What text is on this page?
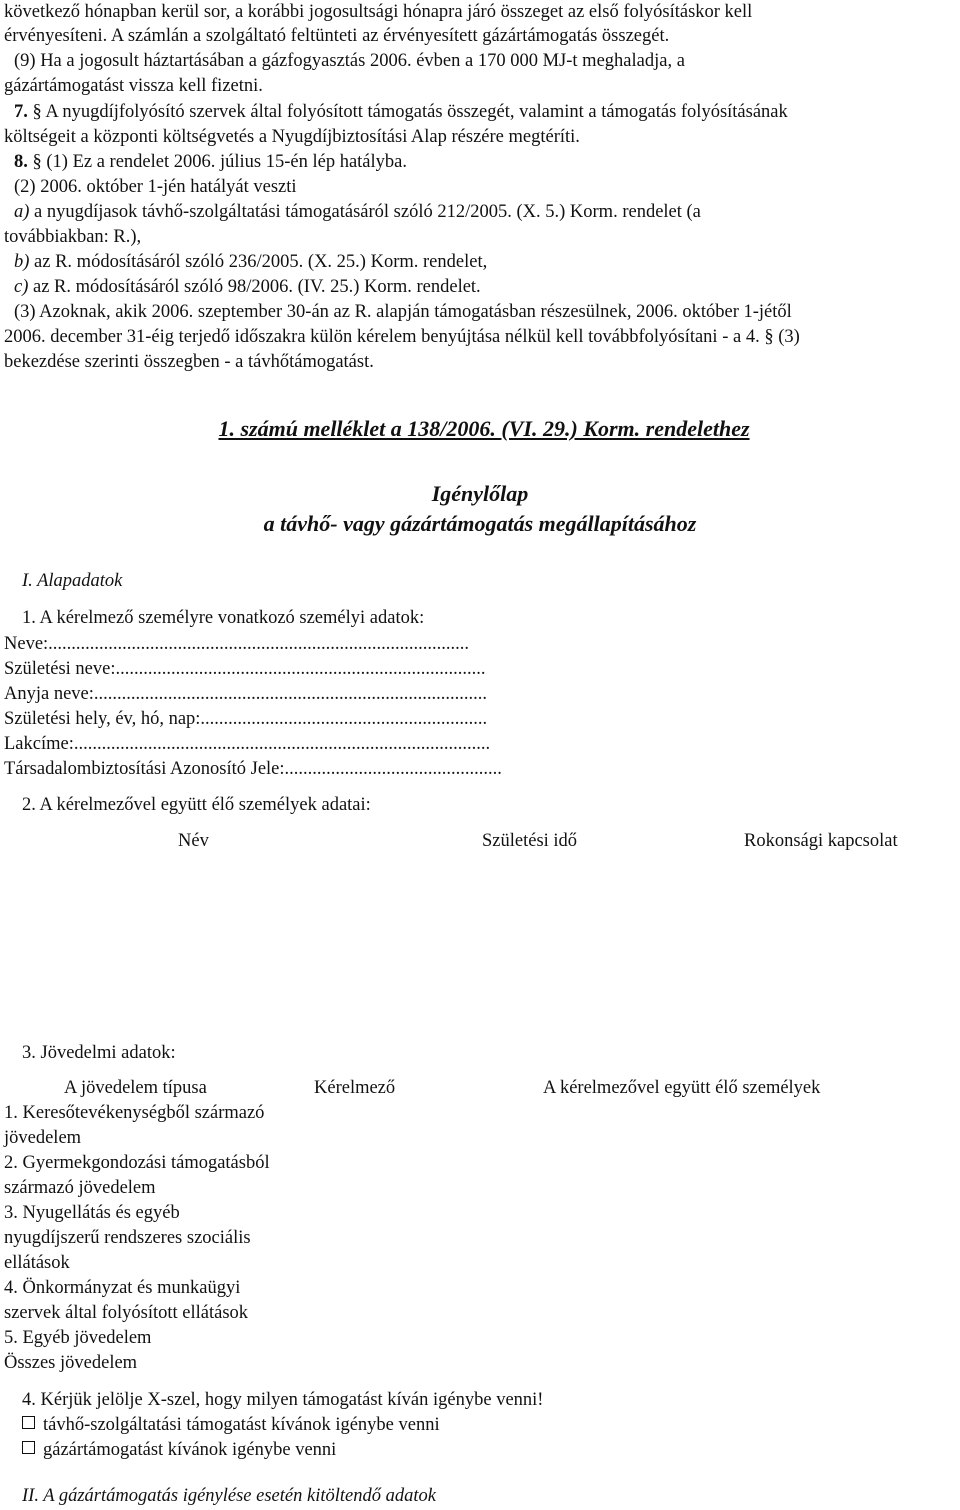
következő hónapban kerül sor, a korábbi jogosultsági hónapra járó összeget az első folyósításkor kell
érvényesíteni. A számlán a szolgáltató feltünteti az érvényesített gázártámogatás összegét.
(9) Ha a jogosult háztartásában a gázfogyasztás 2006. évben a 170 000 MJ-t meghaladja, a
gázártámogatást vissza kell fizetni.
7. § A nyugdíjfolyósító szervek által folyósított támogatás összegét, valamint a támogatás folyósításának
költségeit a központi költségvetés a Nyugdíjbiztosítási Alap részére megtéríti.
8. § (1) Ez a rendelet 2006. július 15-én lép hatályba.
(2) 2006. október 1-jén hatályát veszti
a) a nyugdíjasok távhő-szolgáltatási támogatásáról szóló 212/2005. (X. 5.) Korm. rendelet (a
továbbiakban: R.),
b) az R. módosításáról szóló 236/2005. (X. 25.) Korm. rendelet,
c) az R. módosításáról szóló 98/2006. (IV. 25.) Korm. rendelet.
(3) Azoknak, akik 2006. szeptember 30-án az R. alapján támogatásban részesülnek, 2006. október 1-jétől
2006. december 31-éig terjedő időszakra külön kérelem benyújtása nélkül kell továbbfolyósítani - a 4. § (3)
bekezdése szerinti összegben - a távhőtámogatást.
1. számú melléklet a 138/2006. (VI. 29.) Korm. rendelethez
Igénylőlap
a távhő- vagy gázártámogatás megállapításához
I. Alapadatok
1. A kérelmező személyre vonatkozó személyi adatok:
Neve:...........................................................................................
Születési neve:................................................................................
Anyja neve:.....................................................................................
Születési hely, év, hó, nap:..............................................................
Lakcíme:..........................................................................................
Társadalombiztosítási Azonosító Jele:...............................................
2. A kérelmezővel együtt élő személyek adatai:
Név	Születési idő	Rokonsági kapcsolat
3. Jövedelmi adatok:
A jövedelem típusa	Kérelmező	A kérelmezővel együtt élő személyek
1. Keresőtevékenységből származó
jövedelem
2. Gyermekgondozási támogatásból
származó jövedelem
3. Nyugellátás és egyéb
nyugdíjszerű rendszeres szociális
ellátások
4. Önkormányzat és munkaügyi
szervek által folyósított ellátások
5. Egyéb jövedelem
Összes jövedelem
4. Kérjük jelölje X-szel, hogy milyen támogatást kíván igénybe venni!
távhő-szolgáltatási támogatást kívánok igénybe venni
gázártámogatást kívánok igénybe venni
II. A gázártámogatás igénylése esetén kitöltendő adatok
